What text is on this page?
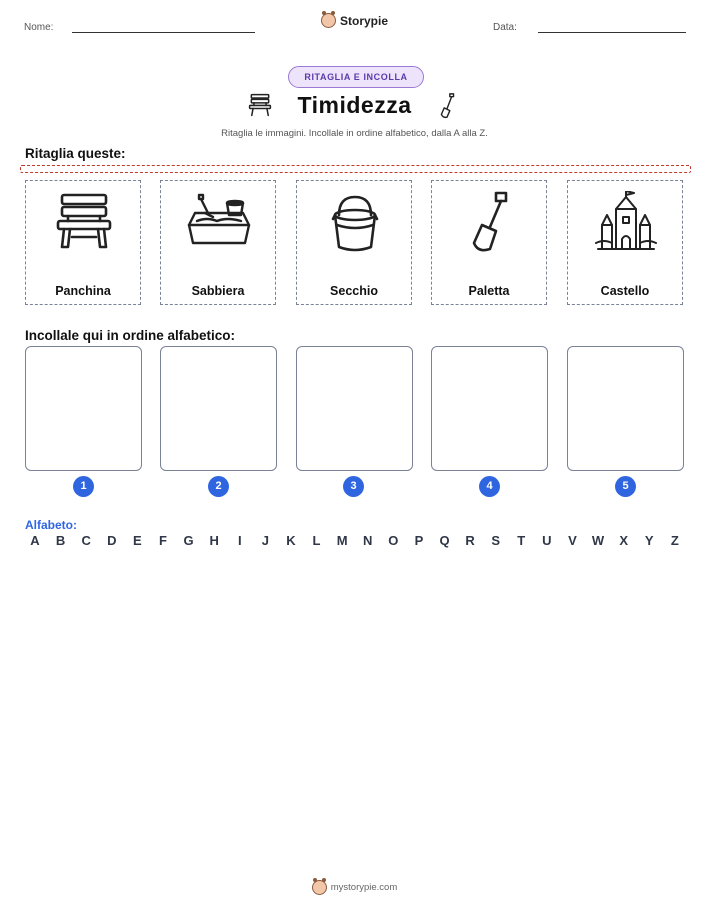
Nome:	Storypie	Data:
RITAGLIA E INCOLLA
Timidezza
Ritaglia le immagini. Incollale in ordine alfabetico, dalla A alla Z.
Ritaglia queste:
Panchina	Sabbiera	Secchio	Paletta	Castello
Incollale qui in ordine alfabetico:
1	2	3	4	5
Alfabeto:
A	B	C	D	E	F	G	H	I	J	K	L	M	N	O	P	Q	R	S	T	U	V	W	X	Y	Z
mystorypie.com
